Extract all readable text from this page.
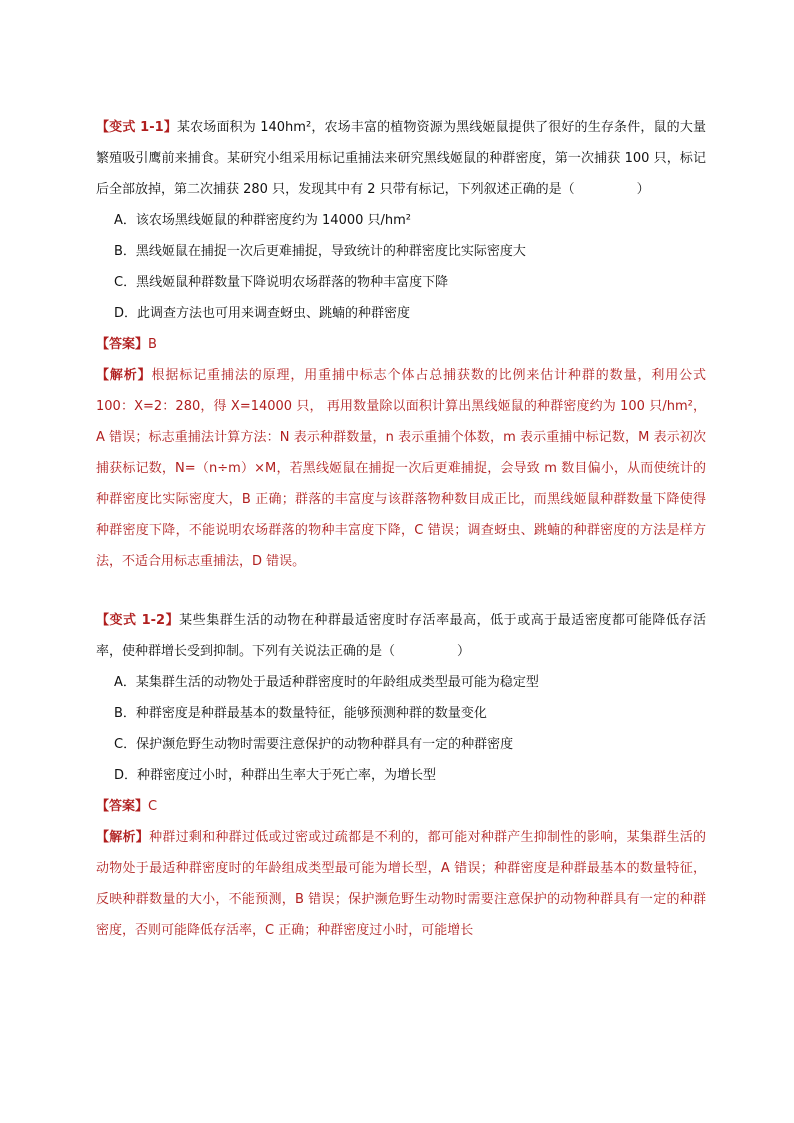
【变式 1-1】某农场面积为 140hm²，农场丰富的植物资源为黑线姬鼠提供了很好的生存条件，鼠的大量繁殖吸引鹰前来捕食。某研究小组采用标记重捕法来研究黑线姬鼠的种群密度，第一次捕获 100 只，标记后全部放掉，第二次捕获 280 只，发现其中有 2 只带有标记，下列叙述正确的是（	）

A．该农场黑线姬鼠的种群密度约为 14000 只/hm²

B．黑线姬鼠在捕捉一次后更难捕捉，导致统计的种群密度比实际密度大

C．黑线姬鼠种群数量下降说明农场群落的物种丰富度下降

D．此调查方法也可用来调查蚜虫、跳蝻的种群密度

【答案】B

【解析】根据标记重捕法的原理，用重捕中标志个体占总捕获数的比例来估计种群的数量，利用公式 100：X=2：280，得 X=14000 只， 再用数量除以面积计算出黑线姬鼠的种群密度约为 100 只/hm²，A 错误；标志重捕法计算方法：N 表示种群数量，n 表示重捕个体数，m 表示重捕中标记数，M 表示初次捕获标记数，N=（n÷m）×M，若黑线姬鼠在捕捉一次后更难捕捉，会导致 m 数目偏小，从而使统计的种群密度比实际密度大，B 正确；群落的丰富度与该群落物种数目成正比，而黑线姬鼠种群数量下降使得种群密度下降，不能说明农场群落的物种丰富度下降，C 错误；调查蚜虫、跳蝻的种群密度的方法是样方法，不适合用标志重捕法，D 错误。

【变式 1-2】某些集群生活的动物在种群最适密度时存活率最高，低于或高于最适密度都可能降低存活率，使种群增长受到抑制。下列有关说法正确的是（	）

A．某集群生活的动物处于最适种群密度时的年龄组成类型最可能为稳定型

B．种群密度是种群最基本的数量特征，能够预测种群的数量变化

C．保护濒危野生动物时需要注意保护的动物种群具有一定的种群密度

D．种群密度过小时，种群出生率大于死亡率，为增长型

【答案】C

【解析】种群过剩和种群过低或过密或过疏都是不利的，都可能对种群产生抑制性的影响，某集群生活的动物处于最适种群密度时的年龄组成类型最可能为增长型，A 错误；种群密度是种群最基本的数量特征，反映种群数量的大小，不能预测，B 错误；保护濒危野生动物时需要注意保护的动物种群具有一定的种群密度，否则可能降低存活率，C 正确；种群密度过小时，可能增长
